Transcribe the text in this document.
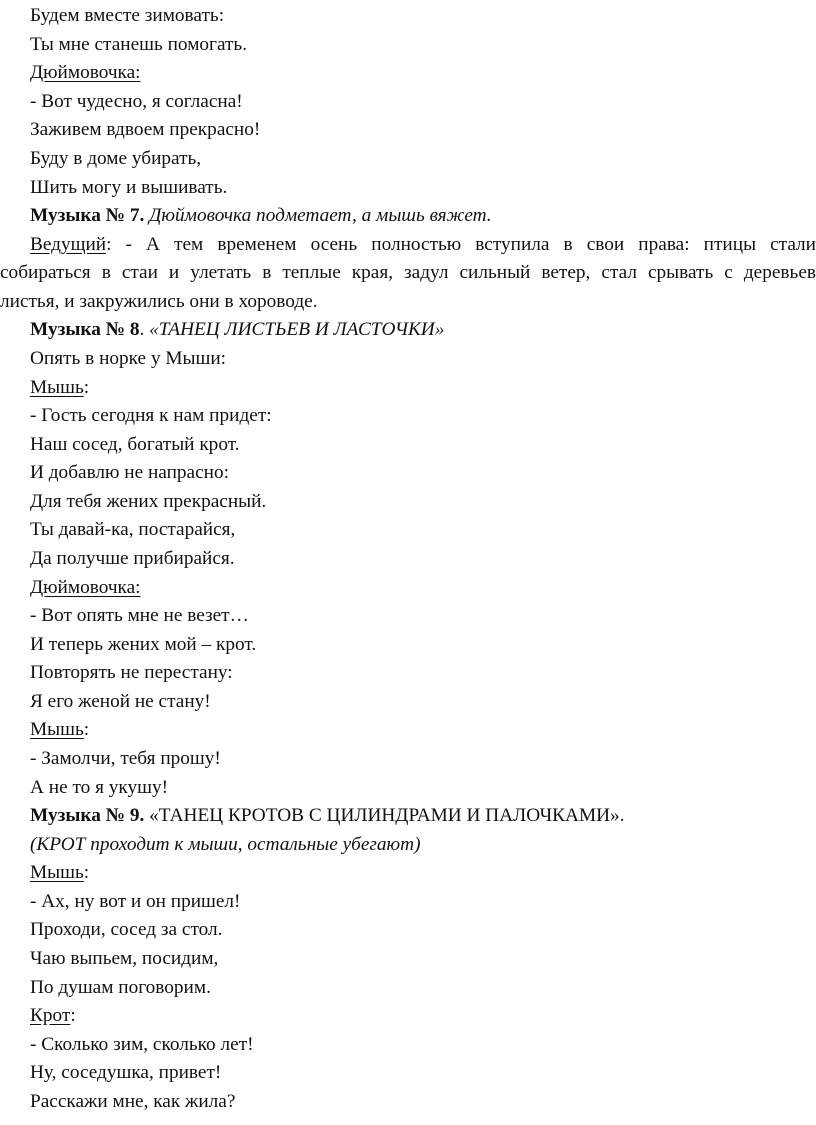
Будем вместе зимовать:
Ты мне станешь помогать.
Дюймовочка:
- Вот чудесно, я согласна!
Заживем вдвоем прекрасно!
Буду в доме убирать,
Шить могу и вышивать.
Музыка № 7. Дюймовочка подметает, а мышь вяжет.
Ведущий: - А тем временем осень полностью вступила в свои права: птицы стали
собираться в стаи и улетать в теплые края, задул сильный ветер, стал срывать с деревьев
листья, и закружились они в хороводе.
Музыка № 8. «ТАНЕЦ ЛИСТЬЕВ И ЛАСТОЧКИ»
Опять в норке у Мыши:
Мышь:
- Гость сегодня к нам придет:
Наш сосед, богатый крот.
И добавлю не напрасно:
Для тебя жених прекрасный.
Ты давай-ка, постарайся,
Да получше прибирайся.
Дюймовочка:
- Вот опять мне не везет…
И теперь жених мой – крот.
Повторять не перестану:
Я его женой не стану!
Мышь:
- Замолчи, тебя прошу!
А не то я укушу!
Музыка № 9. «ТАНЕЦ КРОТОВ С ЦИЛИНДРАМИ И ПАЛОЧКАМИ».
(КРОТ проходит к мыши, остальные убегают)
Мышь:
- Ах, ну вот и он пришел!
Проходи, сосед за стол.
Чаю выпьем, посидим,
По душам поговорим.
Крот:
- Сколько зим, сколько лет!
Ну, соседушка, привет!
Расскажи мне, как жила?
